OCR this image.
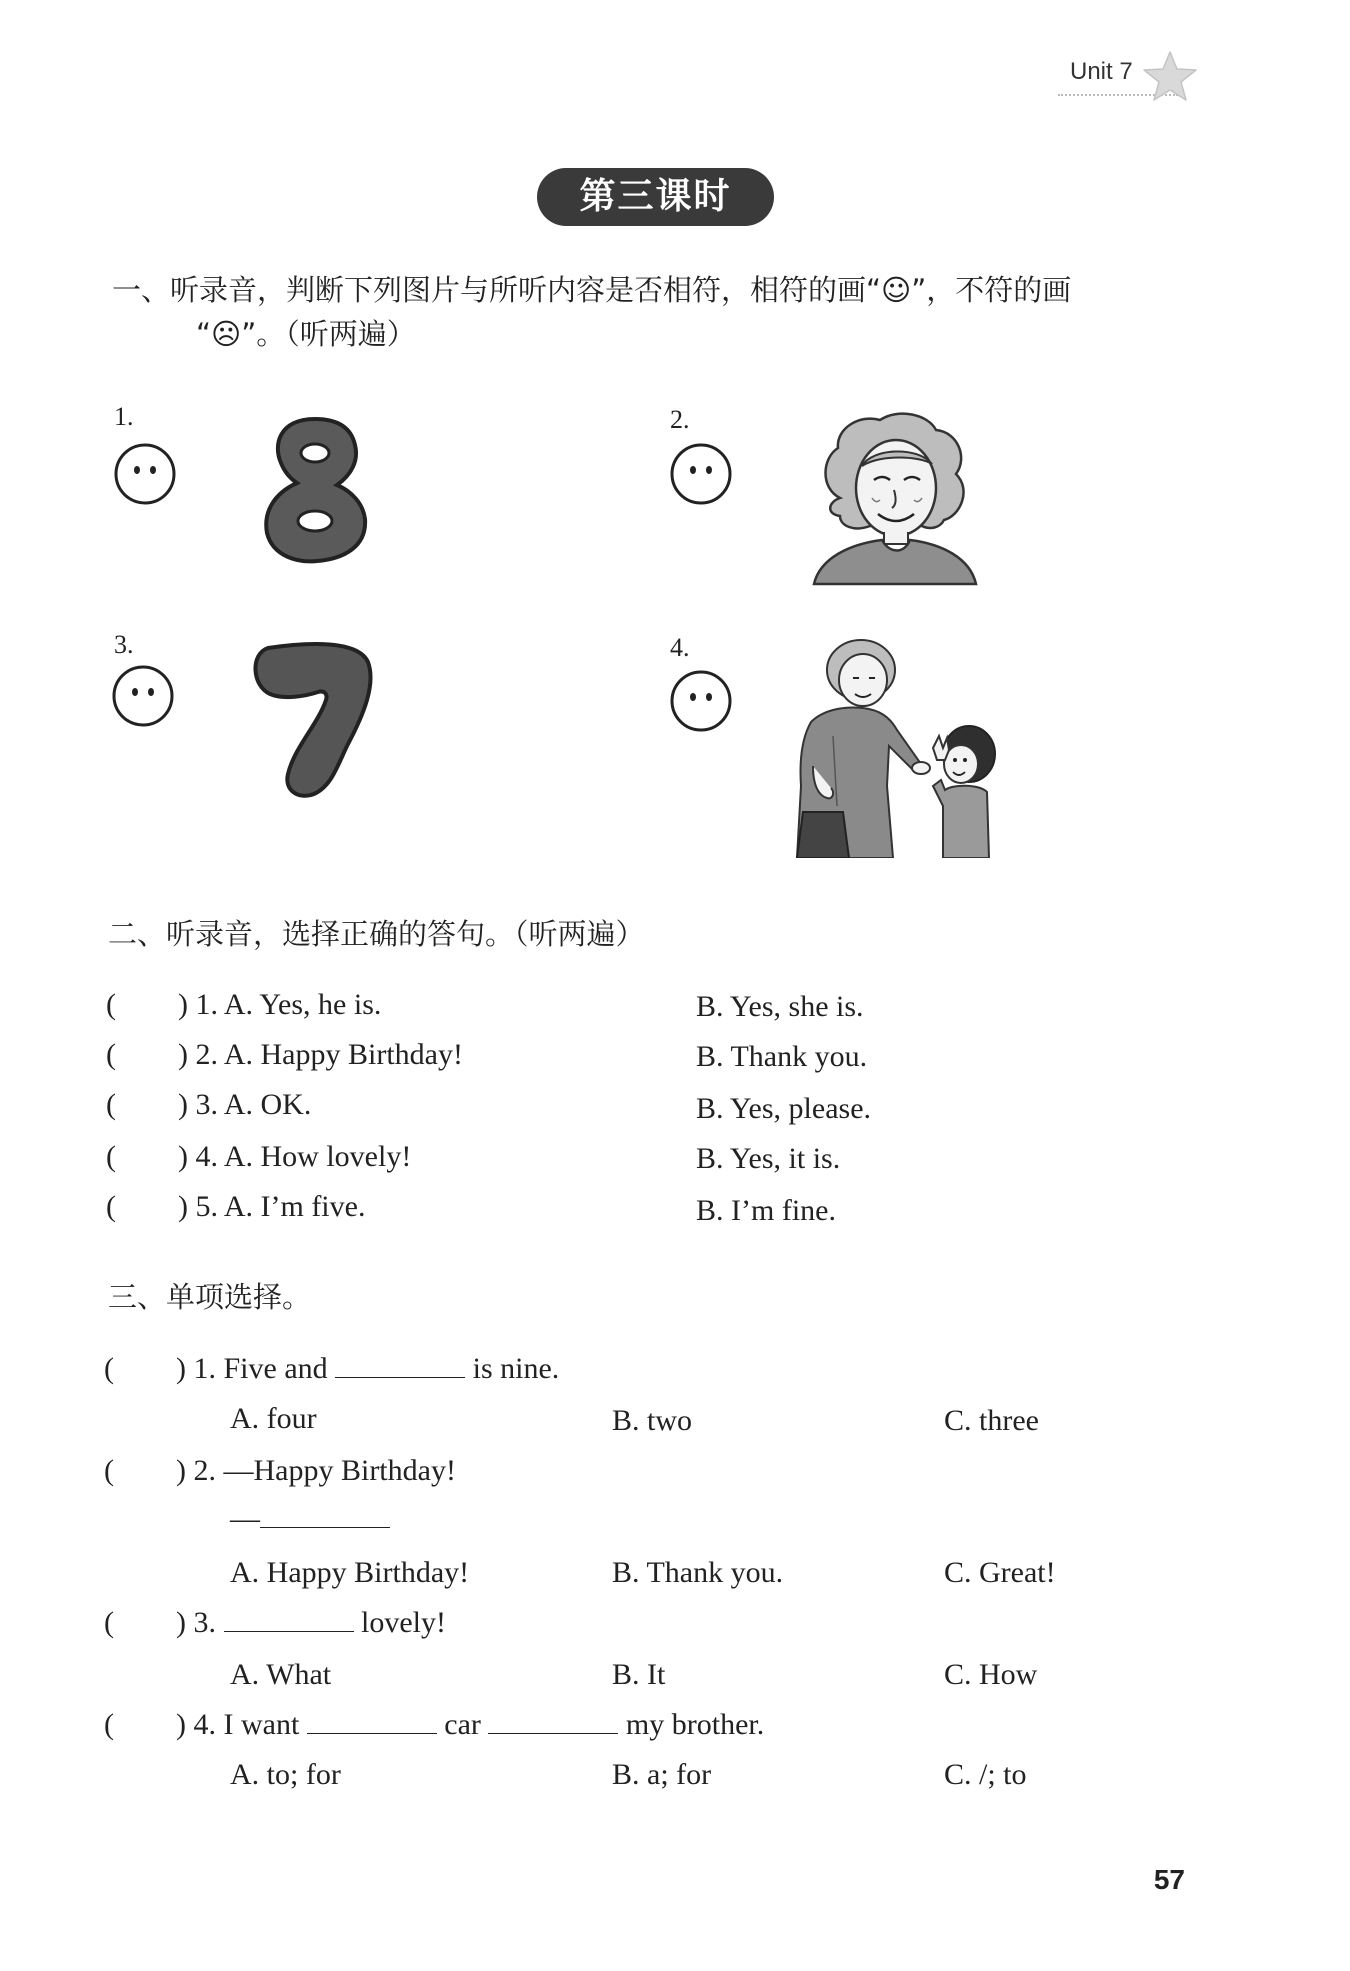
Unit 7
第三课时
一、听录音，判断下列图片与所听内容是否相符，相符的画“☺”，不符的画
“☹”。（听两遍）
1.	2.
3.	4.
二、听录音，选择正确的答句。（听两遍）
( ) 1. A. Yes, he is.	B. Yes, she is.
( ) 2. A. Happy Birthday!	B. Thank you.
( ) 3. A. OK.	B. Yes, please.
( ) 4. A. How lovely!	B. Yes, it is.
( ) 5. A. I’m five.	B. I’m fine.
三、单项选择。
( ) 1. Five and	is nine.
A. four	B. two	C. three
( ) 2. —Happy Birthday!
—
A. Happy Birthday!	B. Thank you.	C. Great!
( ) 3.	lovely!
A. What	B. It	C. How
( ) 4. I want	car	my brother.
A. to; for	B. a; for	C. /; to
57
